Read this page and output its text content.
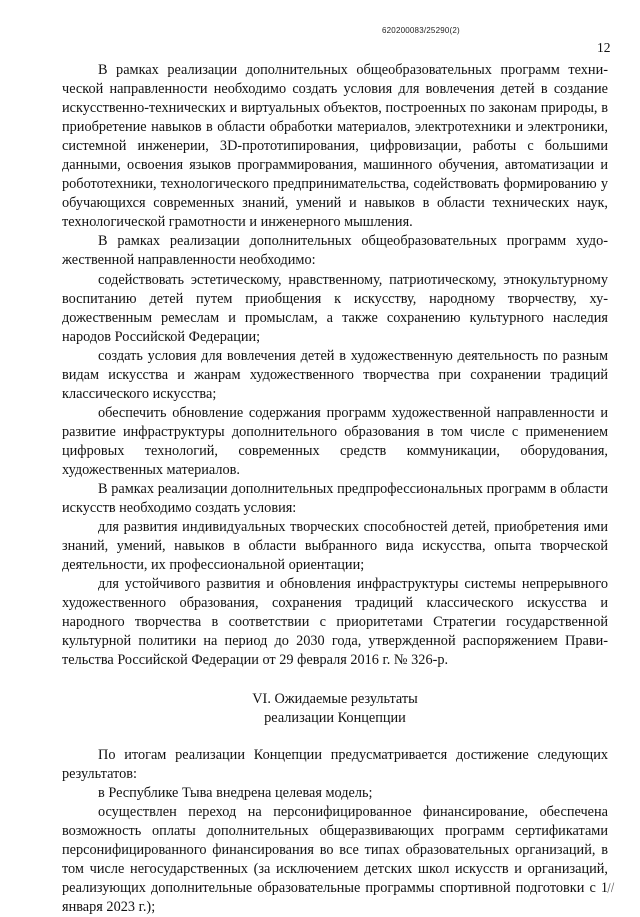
620200083/25290(2)
12

В рамках реализации дополнительных общеобразовательных программ технической направленности необходимо создать условия для вовлечения детей в создание искусственно-технических и виртуальных объектов, построенных по законам природы, в приобретение навыков в области обработки материалов, электротехники и электроники, системной инженерии, 3D-прототипирования, цифровизации, работы с большими данными, освоения языков программирования, машинного обучения, автоматизации и робототехники, технологического предпринимательства, содействовать формированию у обучающихся современных знаний, умений и навыков в области технических наук, технологической грамотности и инженерного мышления.

В рамках реализации дополнительных общеобразовательных программ художественной направленности необходимо:

содействовать эстетическому, нравственному, патриотическому, этнокультурному воспитанию детей путем приобщения к искусству, народному творчеству, художественным ремеслам и промыслам, а также сохранению культурного наследия народов Российской Федерации;

создать условия для вовлечения детей в художественную деятельность по разным видам искусства и жанрам художественного творчества при сохранении традиций классического искусства;

обеспечить обновление содержания программ художественной направленности и развитие инфраструктуры дополнительного образования в том числе с применением цифровых технологий, современных средств коммуникации, оборудования, художественных материалов.

В рамках реализации дополнительных предпрофессиональных программ в области искусств необходимо создать условия:

для развития индивидуальных творческих способностей детей, приобретения ими знаний, умений, навыков в области выбранного вида искусства, опыта творческой деятельности, их профессиональной ориентации;

для устойчивого развития и обновления инфраструктуры системы непрерывного художественного образования, сохранения традиций классического искусства и народного творчества в соответствии с приоритетами Стратегии государственной культурной политики на период до 2030 года, утвержденной распоряжением Правительства Российской Федерации от 29 февраля 2016 г. № 326-р.

VI. Ожидаемые результаты
реализации Концепции

По итогам реализации Концепции предусматривается достижение следующих результатов:

в Республике Тыва внедрена целевая модель;

осуществлен переход на персонифицированное финансирование, обеспечена возможность оплаты дополнительных общеразвивающих программ сертификатами персонифицированного финансирования во все типах образовательных организаций, в том числе негосударственных (за исключением детских школ искусств и организаций, реализующих дополнительные образовательные программы спортивной подготовки с 1 января 2023 г.);

//
